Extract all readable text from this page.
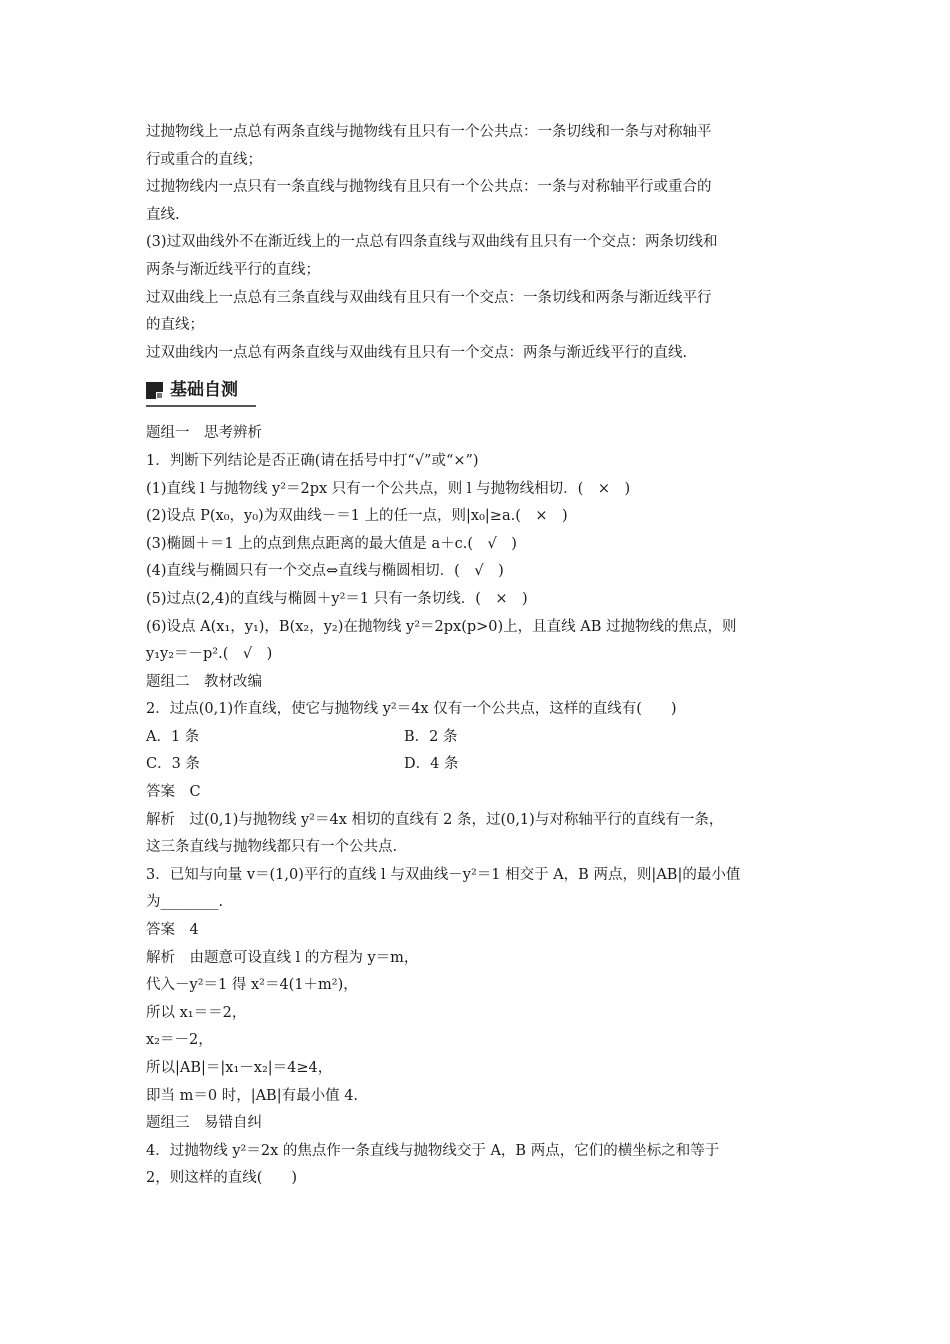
过抛物线上一点总有两条直线与抛物线有且只有一个公共点：一条切线和一条与对称轴平
行或重合的直线；
过抛物线内一点只有一条直线与抛物线有且只有一个公共点：一条与对称轴平行或重合的
直线.
(3)过双曲线外不在渐近线上的一点总有四条直线与双曲线有且只有一个交点：两条切线和
两条与渐近线平行的直线；
过双曲线上一点总有三条直线与双曲线有且只有一个交点：一条切线和两条与渐近线平行
的直线；
过双曲线内一点总有两条直线与双曲线有且只有一个交点：两条与渐近线平行的直线.
基础自测
题组一　思考辨析
1．判断下列结论是否正确(请在括号中打“√”或“×”)
(1)直线 l 与抛物线 y²＝2px 只有一个公共点，则 l 与抛物线相切．(　×　)
(2)设点 P(x₀，y₀)为双曲线－＝1 上的任一点，则|x₀|≥a.(　×　)
(3)椭圆＋＝1 上的点到焦点距离的最大值是 a＋c.(　√　)
(4)直线与椭圆只有一个交点⇔直线与椭圆相切．(　√　)
(5)过点(2,4)的直线与椭圆＋y²＝1 只有一条切线．(　×　)
(6)设点 A(x₁，y₁)，B(x₂，y₂)在抛物线 y²＝2px(p>0)上，且直线 AB 过抛物线的焦点，则
y₁y₂＝－p².(　√　)
题组二　教材改编
2．过点(0,1)作直线，使它与抛物线 y²＝4x 仅有一个公共点，这样的直线有(　　)
A．1 条	B．2 条
C．3 条	D．4 条
答案　C
解析　过(0,1)与抛物线 y²＝4x 相切的直线有 2 条，过(0,1)与对称轴平行的直线有一条，
这三条直线与抛物线都只有一个公共点.
3．已知与向量 v＝(1,0)平行的直线 l 与双曲线－y²＝1 相交于 A，B 两点，则|AB|的最小值
为________.
答案　4
解析　由题意可设直线 l 的方程为 y＝m，
代入－y²＝1 得 x²＝4(1＋m²)，
所以 x₁＝＝2，
x₂＝－2，
所以|AB|＝|x₁－x₂|＝4≥4，
即当 m＝0 时，|AB|有最小值 4.
题组三　易错自纠
4．过抛物线 y²＝2x 的焦点作一条直线与抛物线交于 A，B 两点，它们的横坐标之和等于
2，则这样的直线(　　)
